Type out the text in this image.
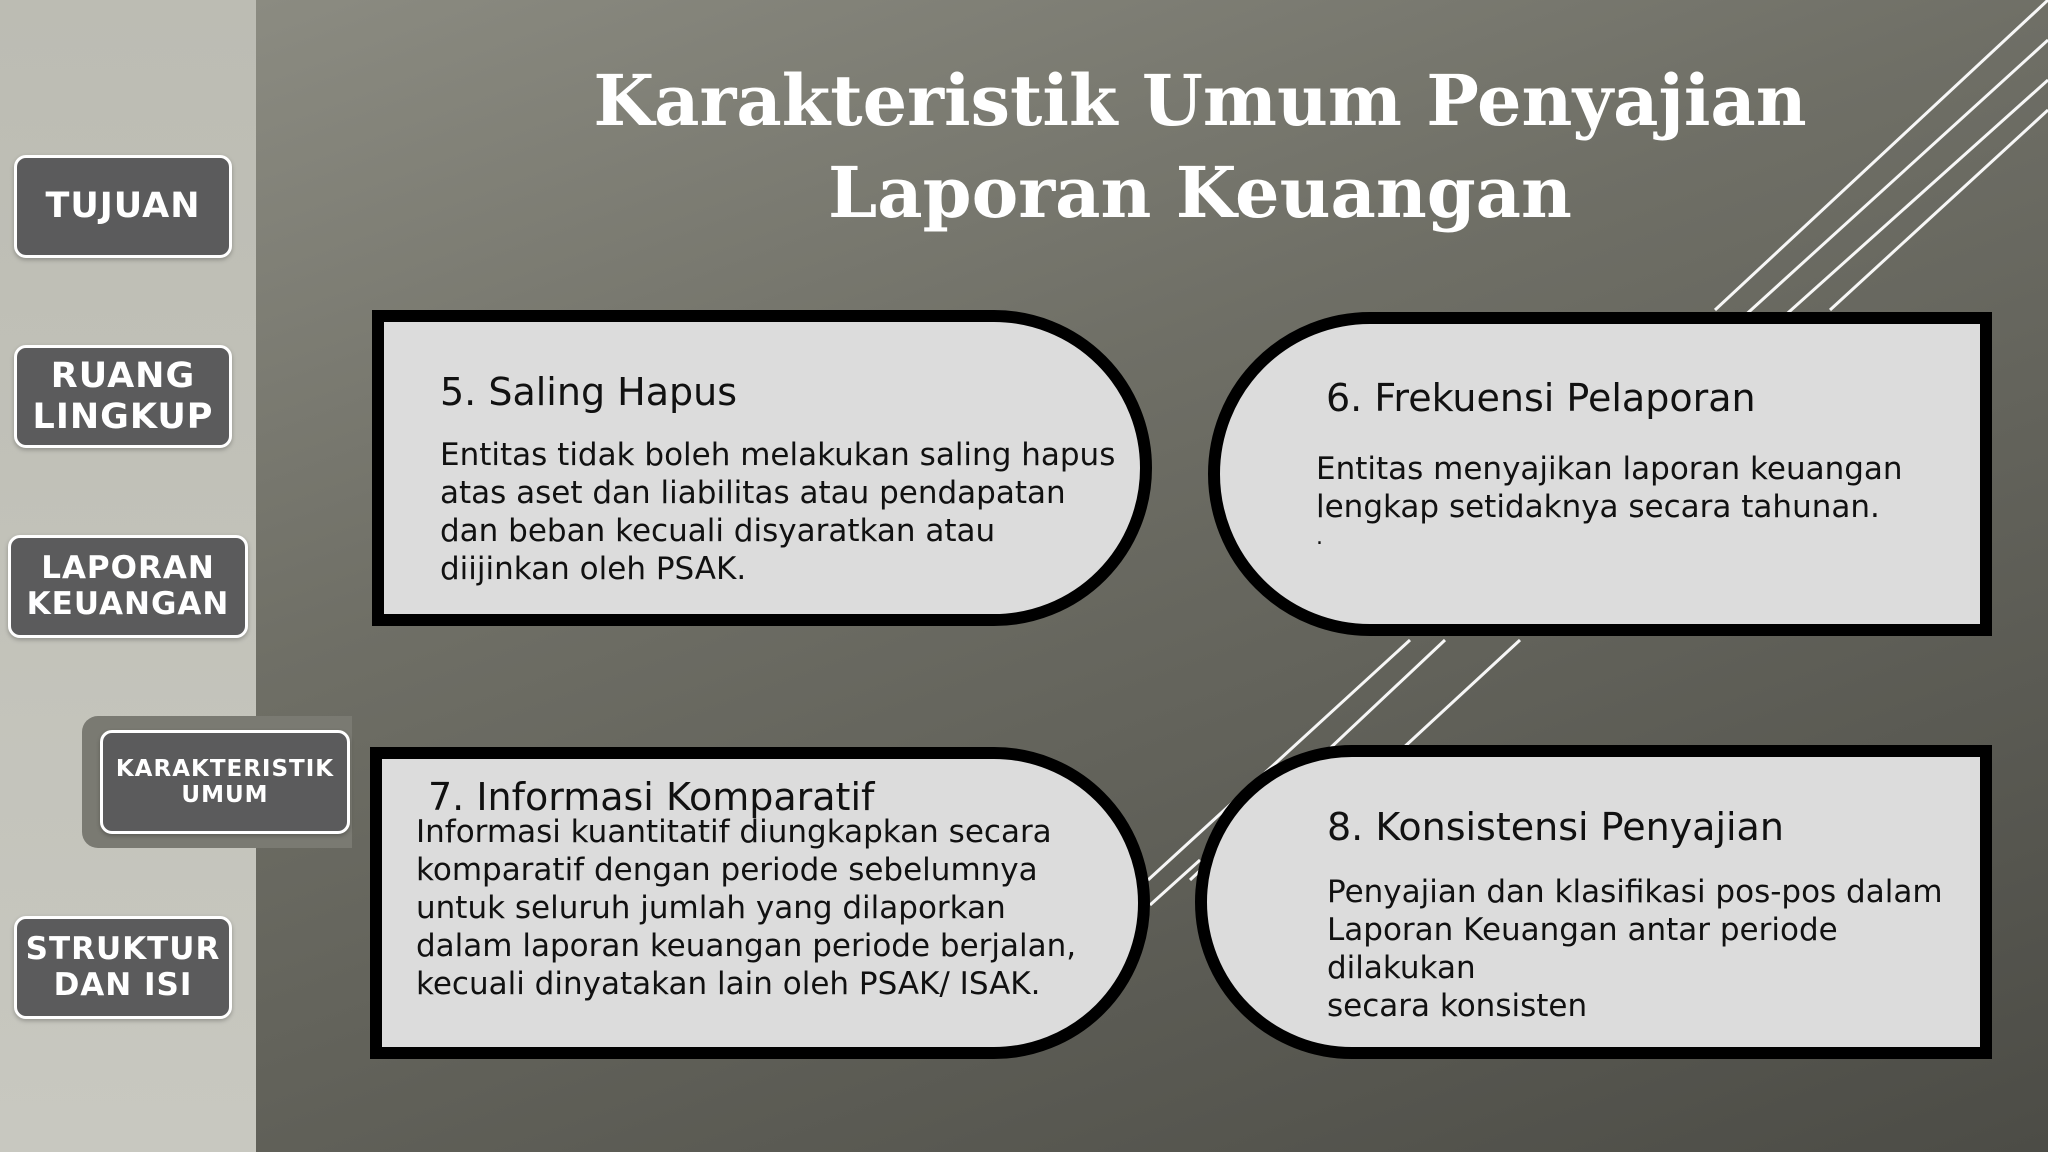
TUJUAN
RUANG
LINGKUP
LAPORAN
KEUANGAN
KARAKTERISTIK
UMUM
STRUKTUR
DAN ISI
Karakteristik Umum Penyajian
Laporan Keuangan
5. Saling Hapus

Entitas tidak boleh melakukan saling hapus
atas aset dan liabilitas atau pendapatan
dan beban kecuali disyaratkan atau
diijinkan oleh PSAK.

6. Frekuensi Pelaporan

Entitas menyajikan laporan keuangan
lengkap setidaknya secara tahunan.
.

7. Informasi Komparatif

Informasi kuantitatif diungkapkan secara
komparatif dengan periode sebelumnya
untuk seluruh jumlah yang dilaporkan
dalam laporan keuangan periode berjalan,
kecuali dinyatakan lain oleh PSAK/ ISAK.

8. Konsistensi Penyajian

Penyajian dan klasifikasi pos-pos dalam
Laporan Keuangan antar periode dilakukan
secara konsisten
